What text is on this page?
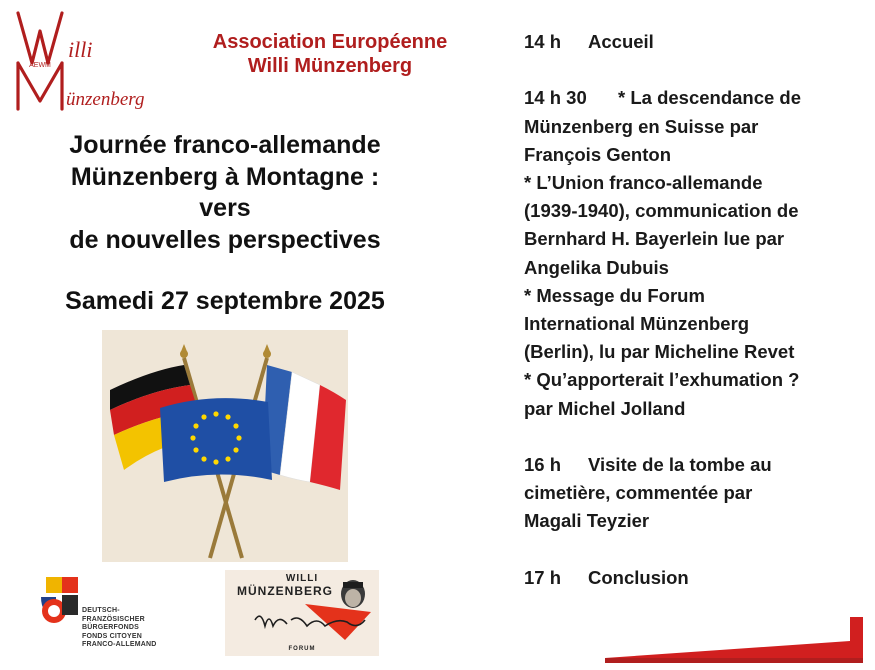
AEWM
illi
ünzenberg
Association Européenne
Willi Münzenberg
Journée franco-allemande
Münzenberg à Montagne :
vers
de nouvelles perspectives
Samedi 27 septembre 2025
DEUTSCH-
FRANZÖSISCHER
BÜRGERFONDS
FONDS CITOYEN
FRANCO-ALLEMAND
WILLI
MÜNZENBERG
FORUM

14 h Accueil

14 h 30 * La descendance de

Münzenberg en Suisse par

François Genton

* L’Union franco-allemande

(1939-1940), communication de

Bernhard H. Bayerlein lue par

Angelika Dubuis

* Message du Forum

International Münzenberg

(Berlin), lu par Micheline Revet

* Qu’apporterait l’exhumation ?

par Michel Jolland

16 h Visite de la tombe au

cimetière, commentée par

Magali Teyzier

17 h Conclusion
